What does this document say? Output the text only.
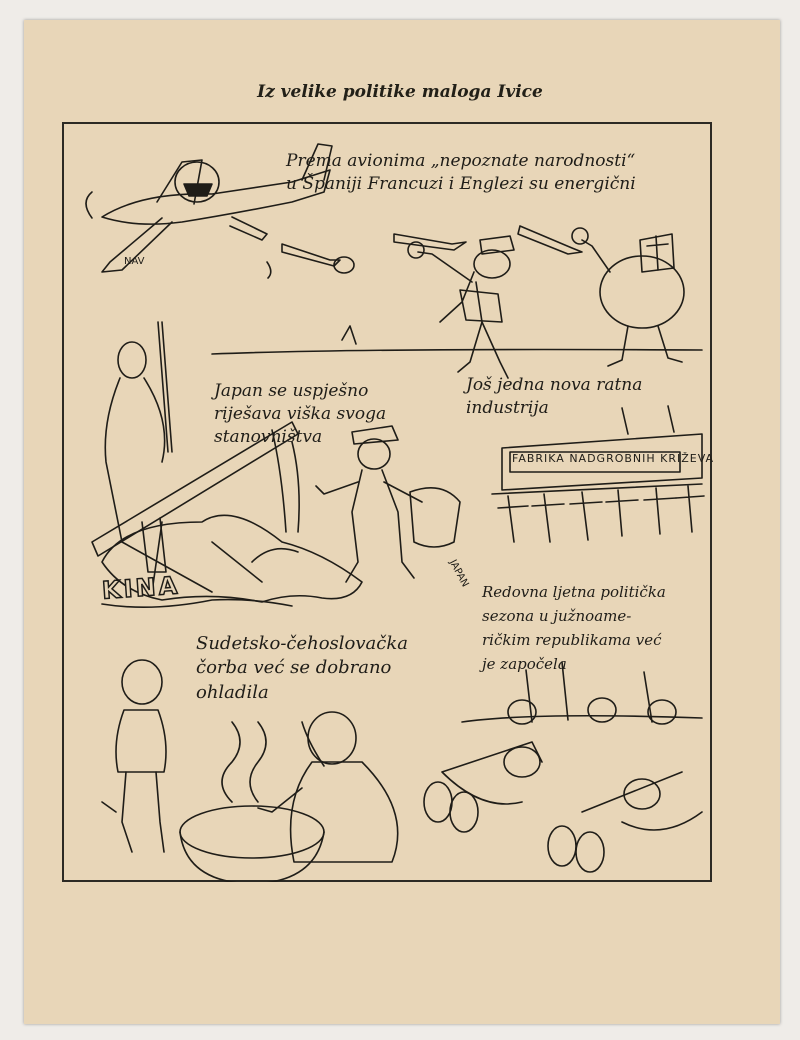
Iz velike politike maloga Ivice
NAV
Prema avionima „nepoznate narodnosti“
u Španiji Francuzi i Englezi su energični
Japan se uspješno
riješava viška svoga
stanovništva
Još jedna nova ratna
industrija
Redovna ljetna politička
sezona u južnoame-
ričkim republikama već
je započela
Sudetsko-čehoslovačka
čorba već se dobrano
ohladila
FABRIKA NADGROBNIH KRIŽEVA
KINA	JAPAN
